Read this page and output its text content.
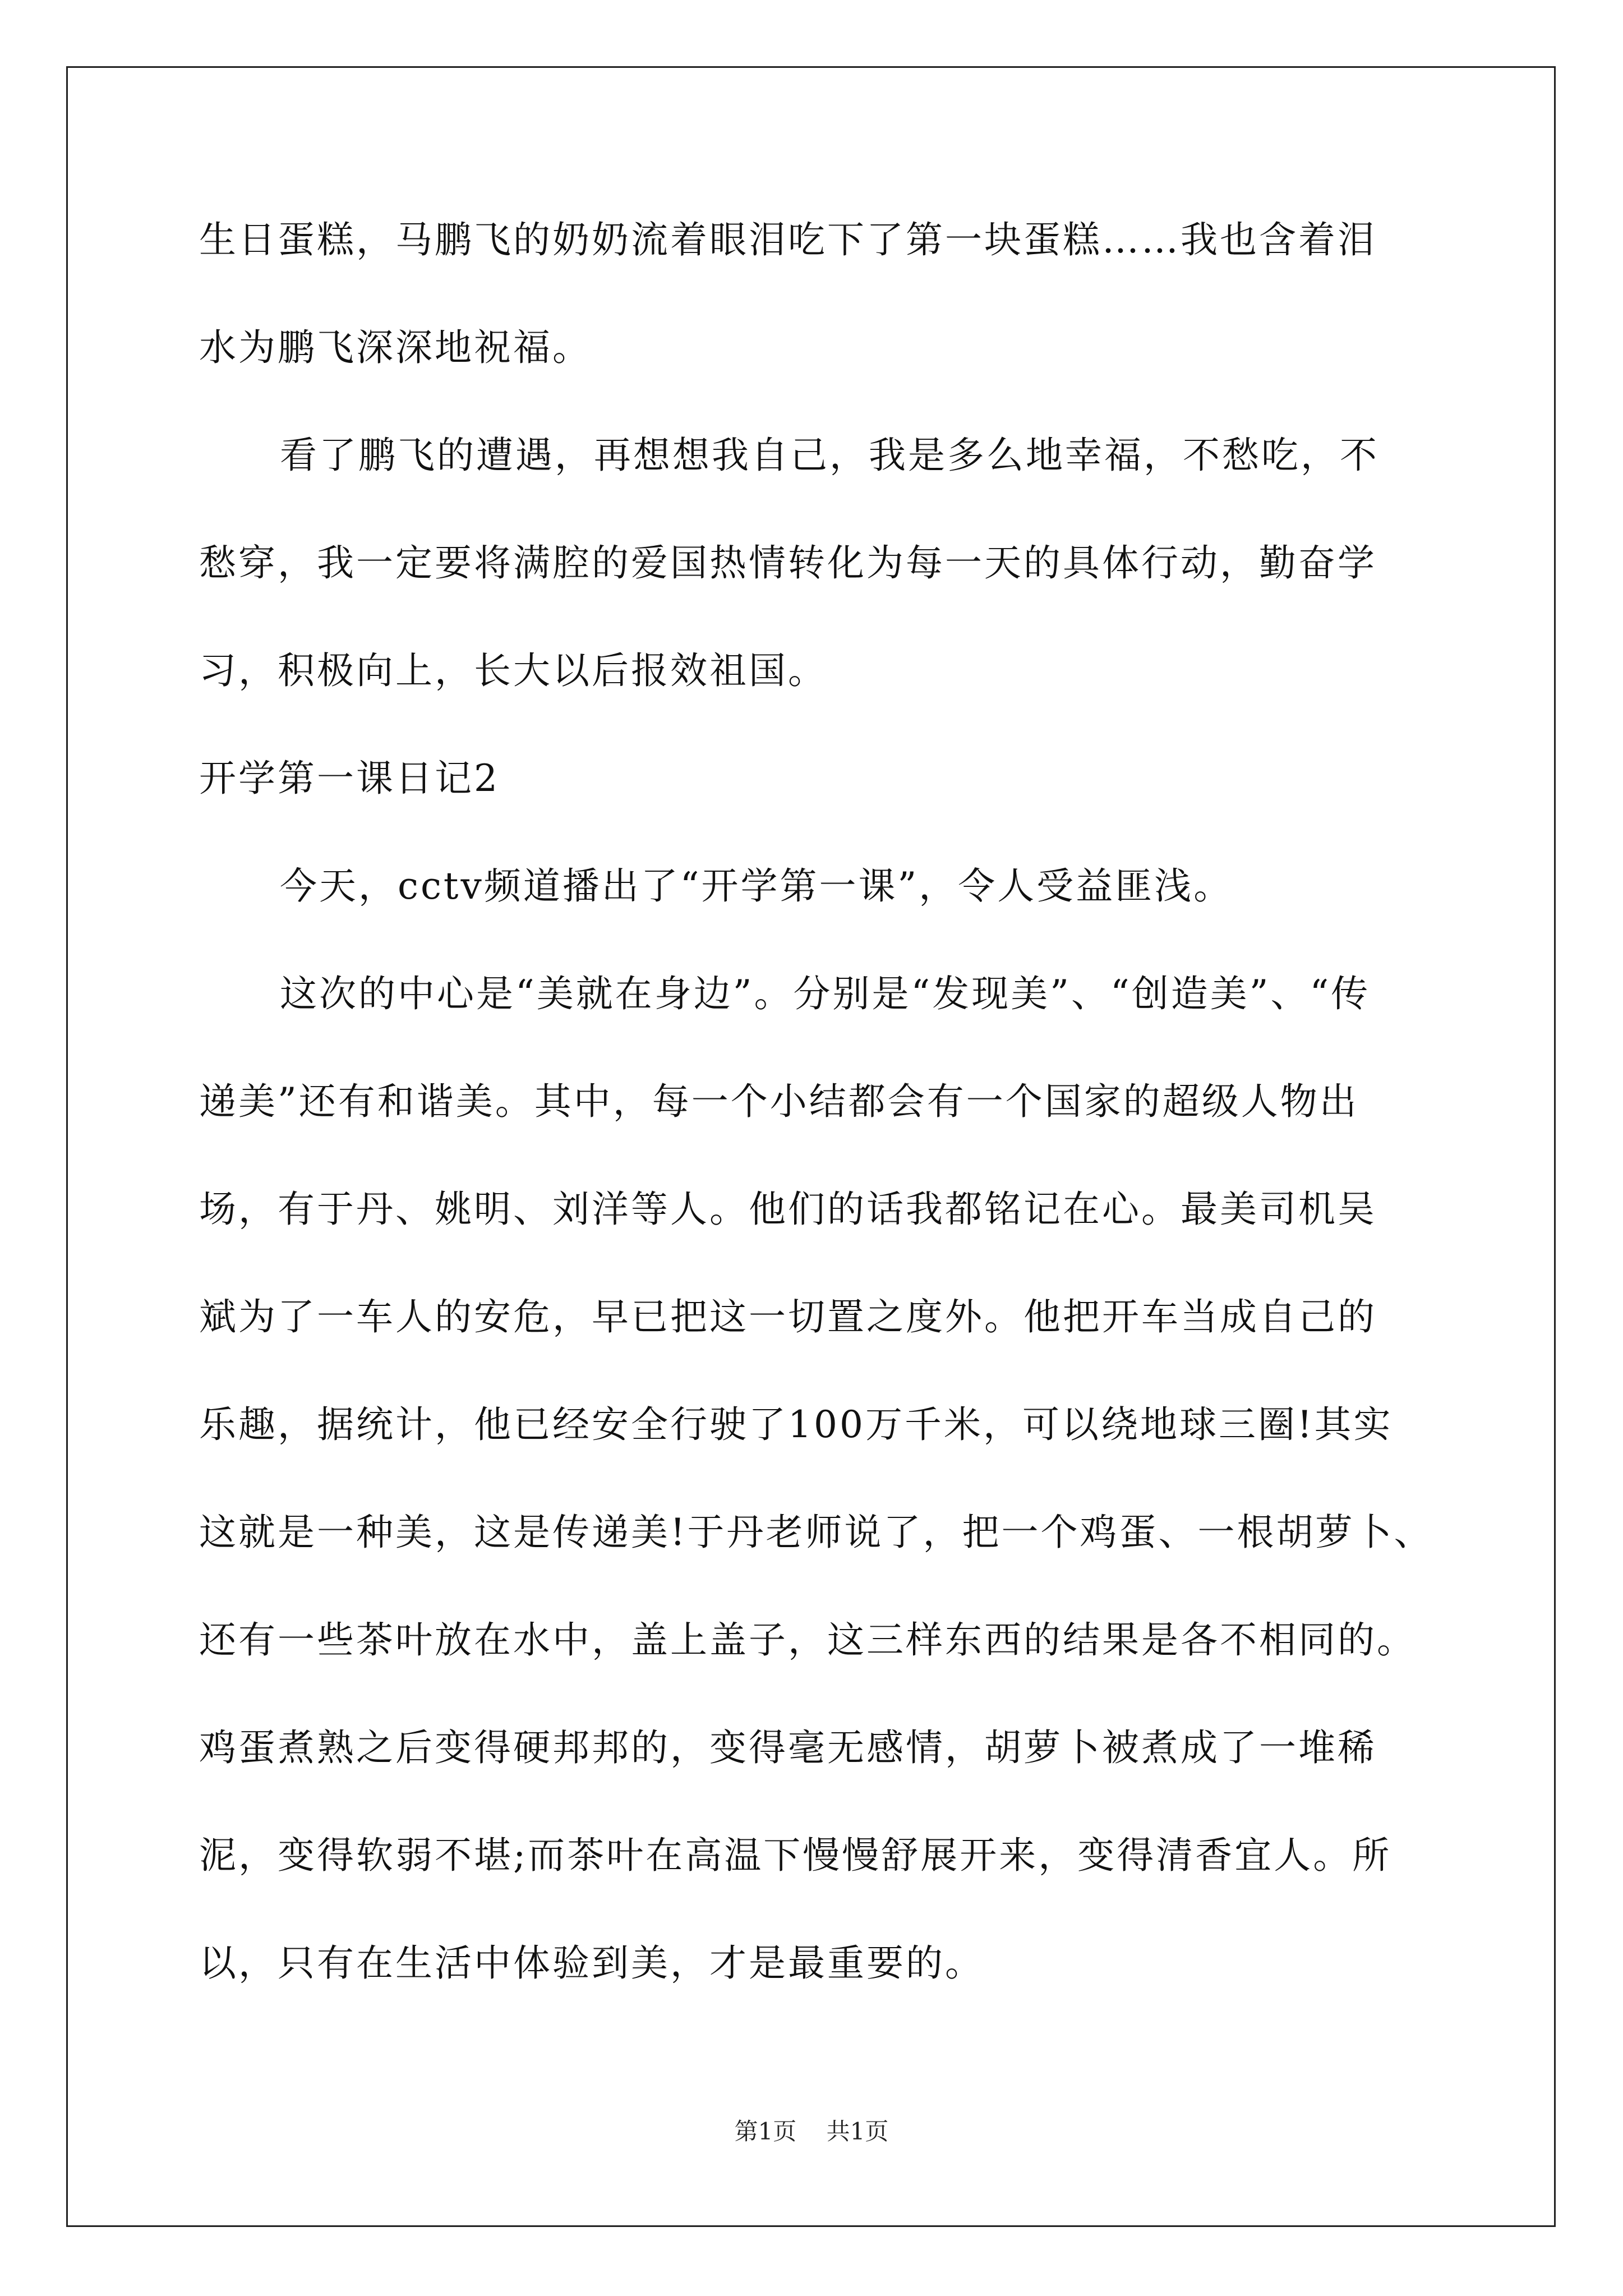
生日蛋糕，马鹏飞的奶奶流着眼泪吃下了第一块蛋糕……我也含着泪

水为鹏飞深深地祝福。

看了鹏飞的遭遇，再想想我自己，我是多么地幸福，不愁吃，不

愁穿，我一定要将满腔的爱国热情转化为每一天的具体行动，勤奋学

习，积极向上，长大以后报效祖国。

开学第一课日记2

今天，cctv频道播出了“开学第一课”，令人受益匪浅。

这次的中心是“美就在身边”。分别是“发现美”、“创造美”、“传

递美”还有和谐美。其中，每一个小结都会有一个国家的超级人物出

场，有于丹、姚明、刘洋等人。他们的话我都铭记在心。最美司机吴

斌为了一车人的安危，早已把这一切置之度外。他把开车当成自己的

乐趣，据统计，他已经安全行驶了100万千米，可以绕地球三圈!其实

这就是一种美，这是传递美!于丹老师说了，把一个鸡蛋、一根胡萝卜、

还有一些茶叶放在水中，盖上盖子，这三样东西的结果是各不相同的。

鸡蛋煮熟之后变得硬邦邦的，变得毫无感情，胡萝卜被煮成了一堆稀

泥，变得软弱不堪;而茶叶在高温下慢慢舒展开来，变得清香宜人。所

以，只有在生活中体验到美，才是最重要的。

第1页 共1页
